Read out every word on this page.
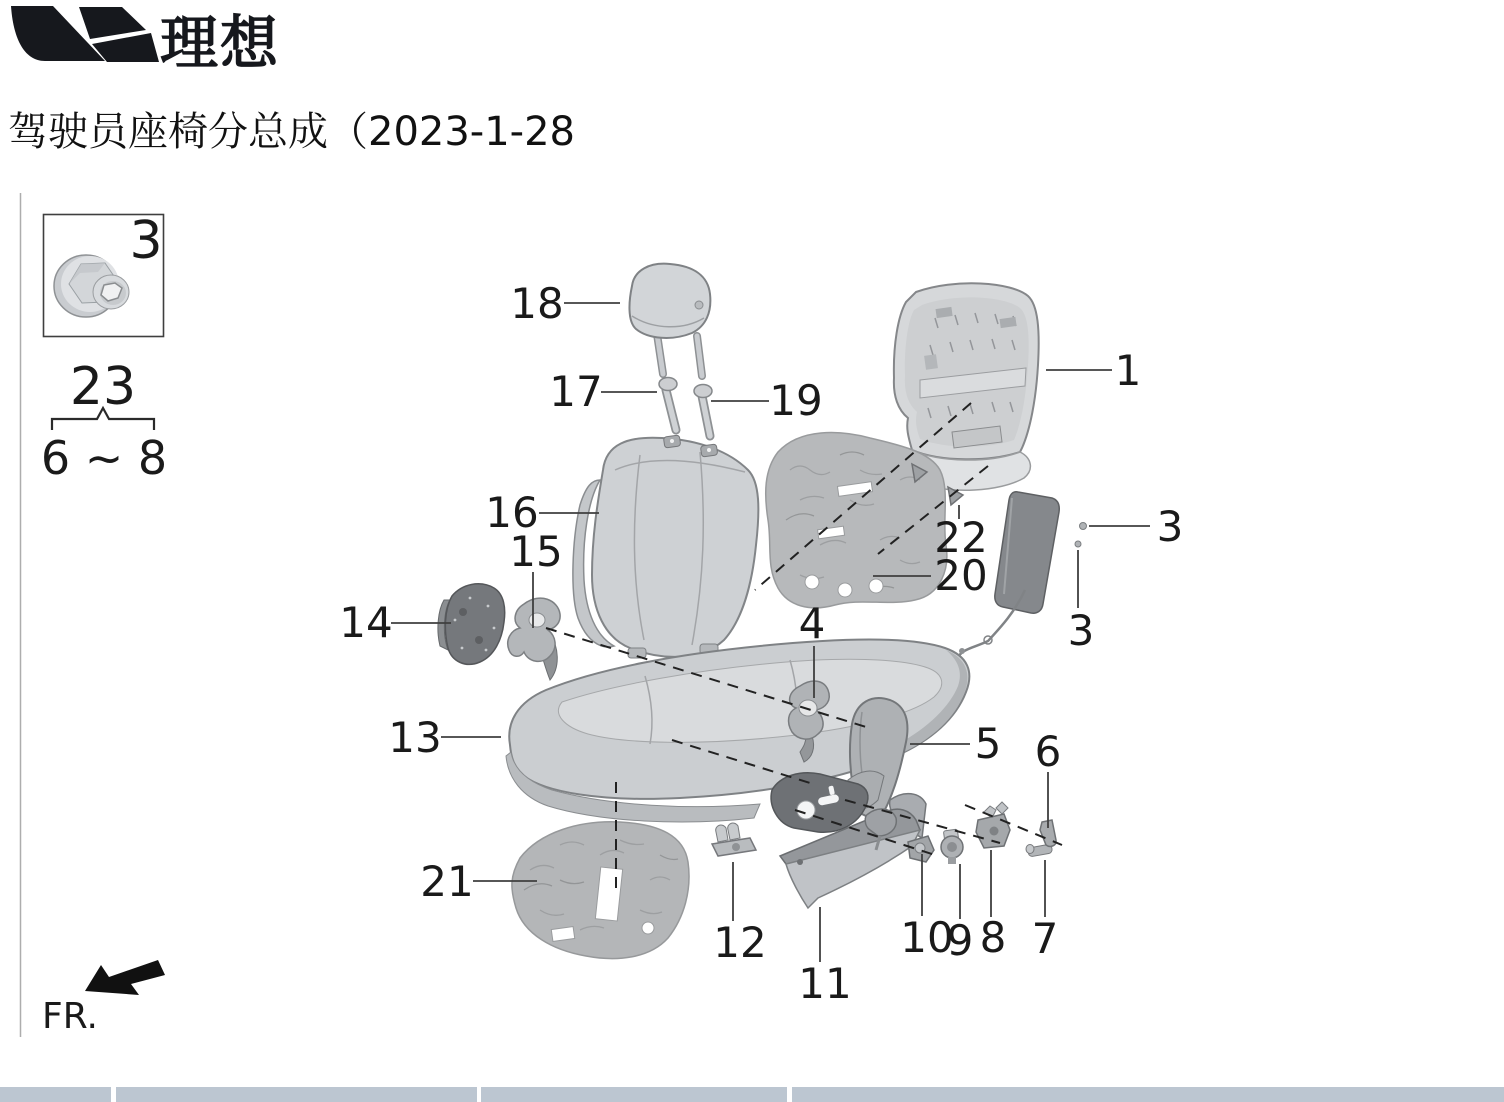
理想
驾驶员座椅分总成（2023-1-28
3
23
6 ~ 8
1
3
3
4
5 6
7
8
9
10
11
12
13
14
15
16
17
18
19
20
21
22
FR.
